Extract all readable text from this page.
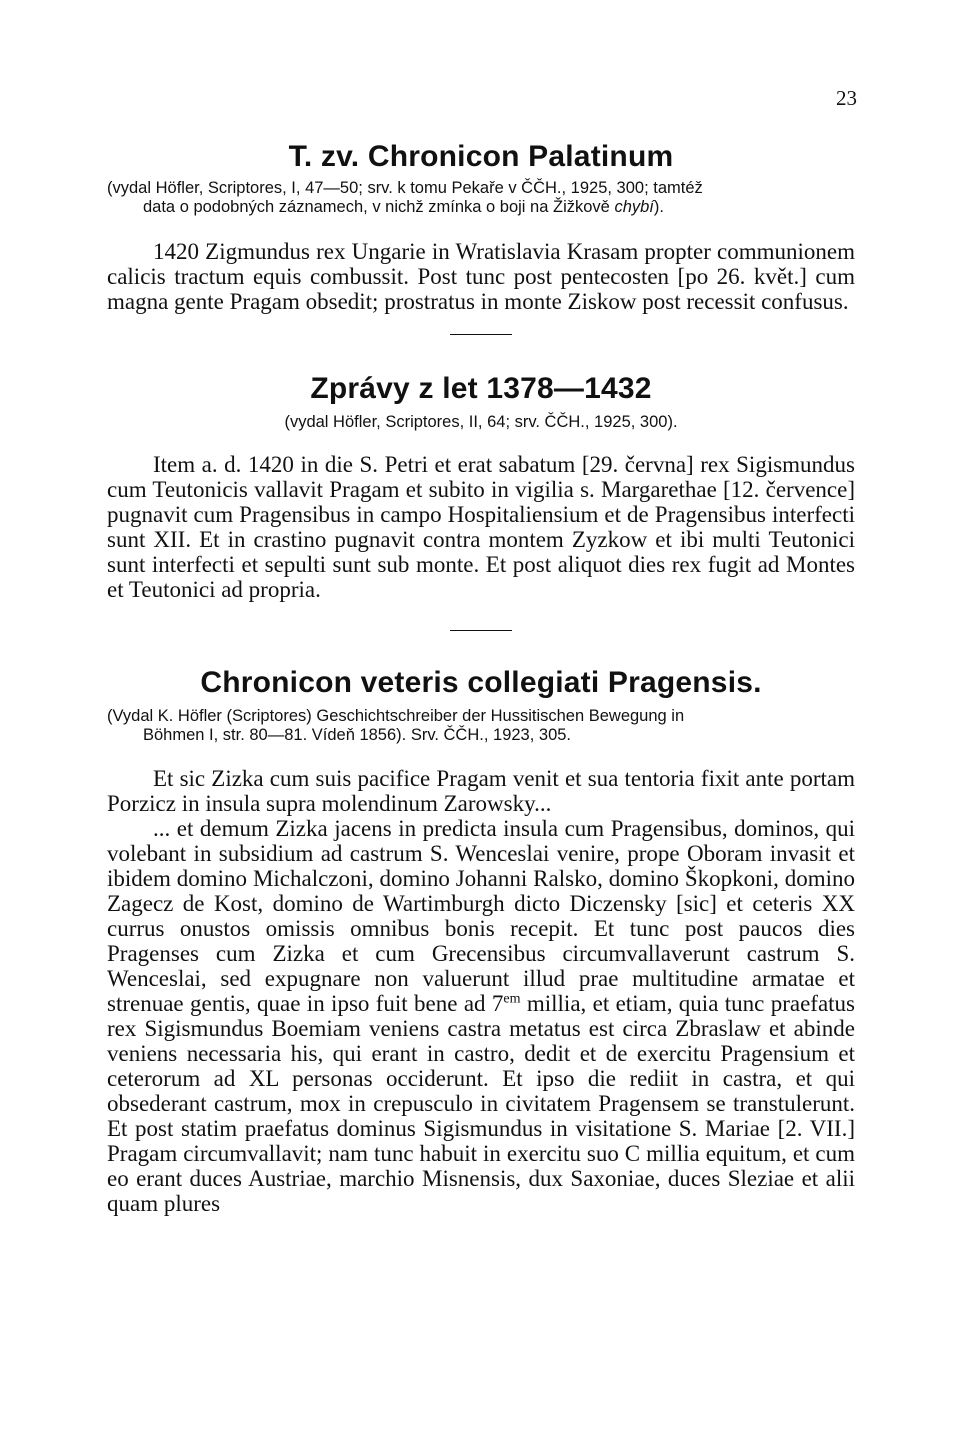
23
T. zv. Chronicon Palatinum
(vydal Höfler, Scriptores, I, 47—50; srv. k tomu Pekaře v ČČH., 1925, 300; tamtéž
data o podobných záznamech, v nichž zmínka o boji na Žižkově chybí).

1420 Zigmundus rex Ungarie in Wratislavia Krasam propter communionem calicis tractum equis combussit. Post tunc post pentecosten [po 26. květ.] cum magna gente Pragam obsedit; prostratus in monte Ziskow post recessit confusus.

Zprávy z let 1378—1432
(vydal Höfler, Scriptores, II, 64; srv. ČČH., 1925, 300).

Item a. d. 1420 in die S. Petri et erat sabatum [29. června] rex Sigismundus cum Teutonicis vallavit Pragam et subito in vigilia s. Margarethae [12. července] pugnavit cum Pragensibus in campo Hospitaliensium et de Pragensibus interfecti sunt XII. Et in crastino pugnavit contra montem Zyzkow et ibi multi Teutonici sunt interfecti et sepulti sunt sub monte. Et post aliquot dies rex fugit ad Montes et Teutonici ad propria.

Chronicon veteris collegiati Pragensis.
(Vydal K. Höfler (Scriptores) Geschichtschreiber der Hussitischen Bewegung in
Böhmen I, str. 80—81. Vídeň 1856). Srv. ČČH., 1923, 305.

Et sic Zizka cum suis pacifice Pragam venit et sua tentoria fixit ante portam Porzicz in insula supra molendinum Zarowsky...

... et demum Zizka jacens in predicta insula cum Pragensibus, dominos, qui volebant in subsidium ad castrum S. Wenceslai venire, prope Oboram invasit et ibidem domino Michalczoni, domino Johanni Ralsko, domino Škopkoni, domino Zagecz de Kost, domino de Wartimburgh dicto Diczensky [sic] et ceteris XX currus onustos omissis omnibus bonis recepit. Et tunc post paucos dies Pragenses cum Zizka et cum Grecensibus circumvallaverunt castrum S. Wenceslai, sed expugnare non valuerunt illud prae multitudine armatae et strenuae gentis, quae in ipso fuit bene ad $7^{em}$ millia, et etiam, quia tunc praefatus rex Sigismundus Boemiam veniens castra metatus est circa Zbraslaw et abinde veniens necessaria his, qui erant in castro, dedit et de exercitu Pragensium et ceterorum ad XL personas occiderunt. Et ipso die rediit in castra, et qui obsederant castrum, mox in crepusculo in civitatem Pragensem se transtulerunt. Et post statim praefatus dominus Sigismundus in visitatione S. Mariae [2. VII.] Pragam circumvallavit; nam tunc habuit in exercitu suo C millia equitum, et cum eo erant duces Austriae, marchio Misnensis, dux Saxoniae, duces Sleziae et alii quam plures
